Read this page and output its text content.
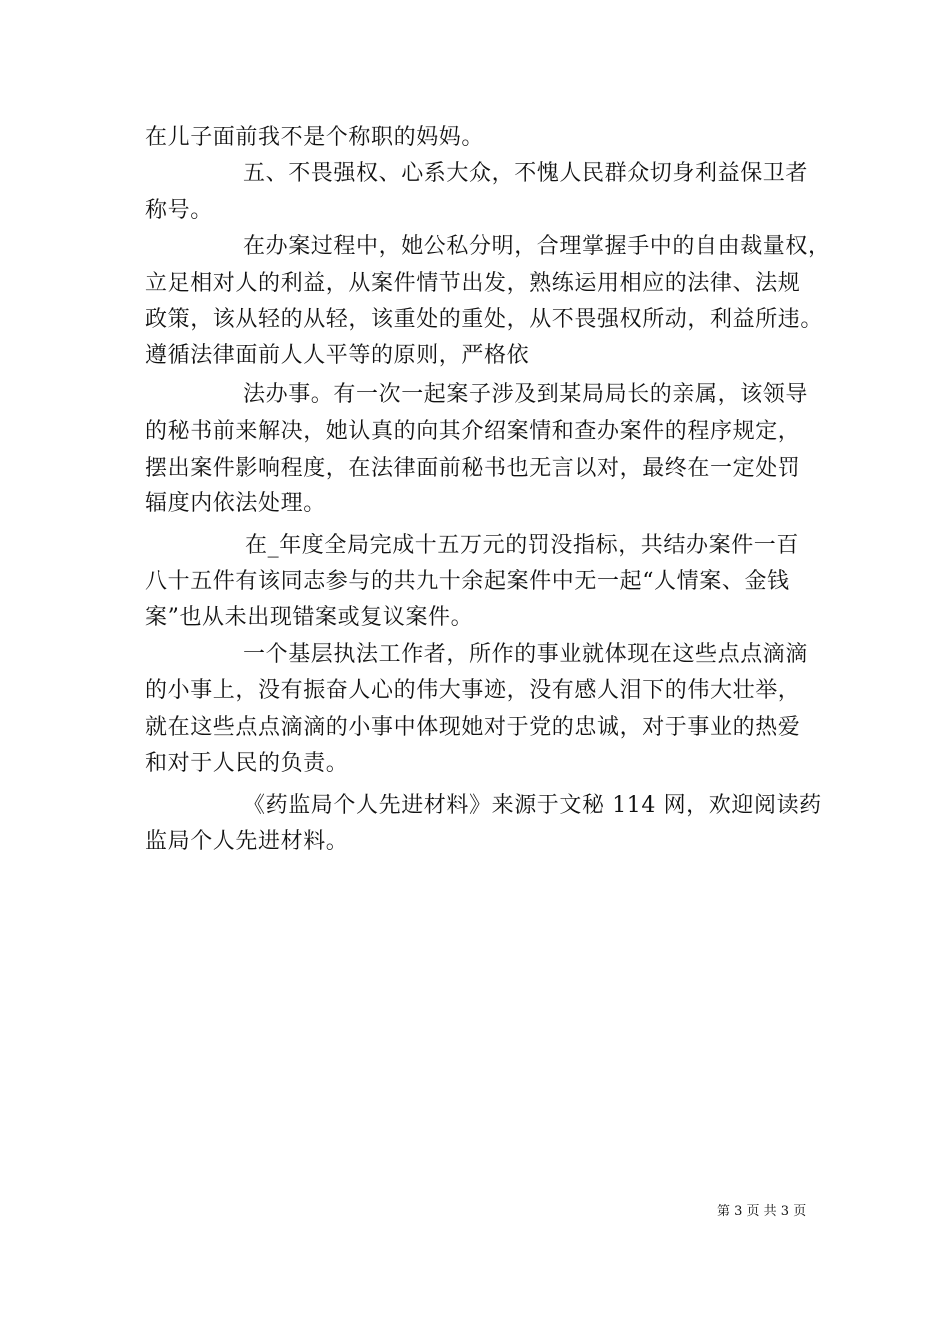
在儿子面前我不是个称职的妈妈。
五、不畏强权、心系大众，不愧人民群众切身利益保卫者
称号。
在办案过程中，她公私分明，合理掌握手中的自由裁量权，
立足相对人的利益，从案件情节出发，熟练运用相应的法律、法规
政策，该从轻的从轻，该重处的重处，从不畏强权所动，利益所违。
遵循法律面前人人平等的原则，严格依
法办事。有一次一起案子涉及到某局局长的亲属，该领导
的秘书前来解决，她认真的向其介绍案情和查办案件的程序规定，
摆出案件影响程度，在法律面前秘书也无言以对，最终在一定处罚
辐度内依法处理。
在_年度全局完成十五万元的罚没指标，共结办案件一百
八十五件有该同志参与的共九十余起案件中无一起“人情案、金钱
案”也从未出现错案或复议案件。
一个基层执法工作者，所作的事业就体现在这些点点滴滴
的小事上，没有振奋人心的伟大事迹，没有感人泪下的伟大壮举，
就在这些点点滴滴的小事中体现她对于党的忠诚，对于事业的热爱
和对于人民的负责。
《药监局个人先进材料》来源于文秘 114 网，欢迎阅读药
监局个人先进材料。
第 3 页 共 3 页
